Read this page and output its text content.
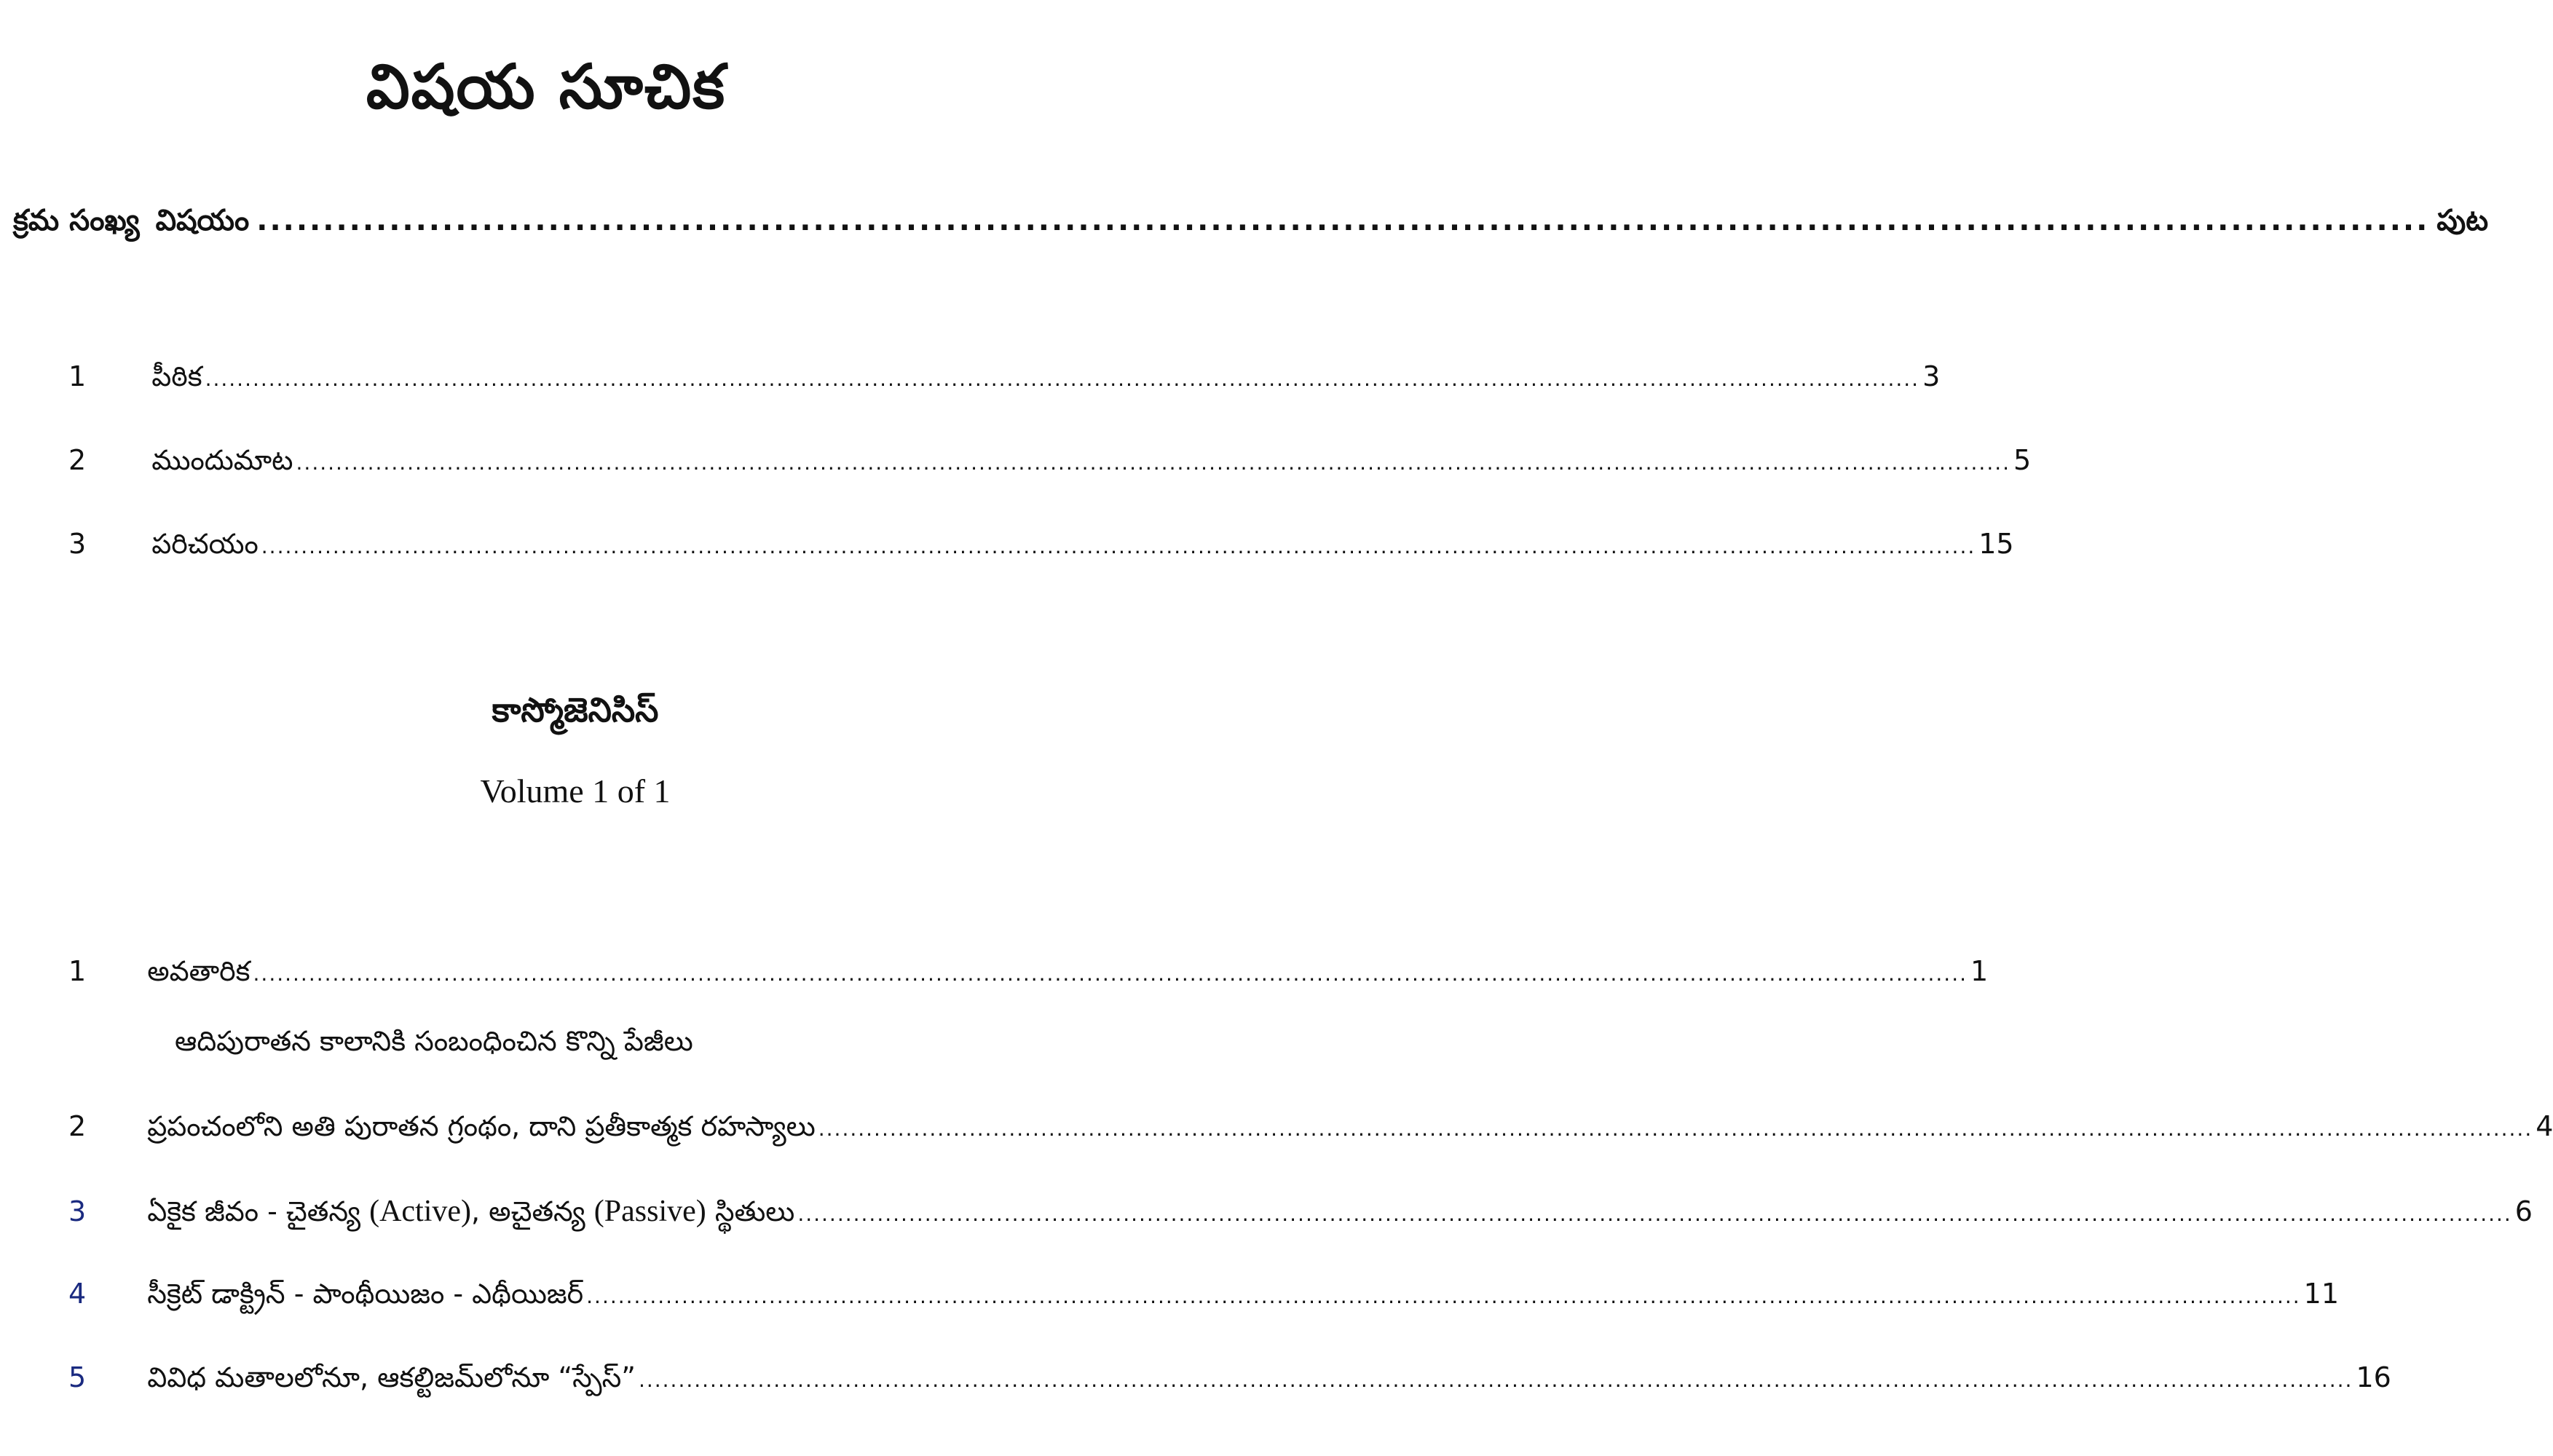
విషయ సూచిక
క్రమ సంఖ్య విషయం .................................................................................................................................................................... పుట
1 పీఠిక ........................................................................................................................................................................................................................ 3
2 ముందుమాట ........................................................................................................................................................................................................................ 5
3 పరిచయం ........................................................................................................................................................................................................................ 15
కాస్మోజెనిసిస్
Volume 1 of 1
1 అవతారిక ........................................................................................................................................................................................................................ 1
ఆదిపురాతన కాలానికి సంబంధించిన కొన్ని పేజీలు
2 ప్రపంచంలోని అతి పురాతన గ్రంథం, దాని ప్రతీకాత్మక రహస్యాలు ........................................................................................................................................................................................................................ 4
3 ఏకైక జీవం - చైతన్య (Active), అచైతన్య (Passive) స్థితులు ........................................................................................................................................................................................................................ 6
4 సీక్రెట్ డాక్ట్రిన్ - పాంథీయిజం - ఎథీయిజర్ ........................................................................................................................................................................................................................ 11
5 వివిధ మతాలలోనూ, ఆకల్టిజమ్‌లోనూ “స్పేస్” ........................................................................................................................................................................................................................ 16
